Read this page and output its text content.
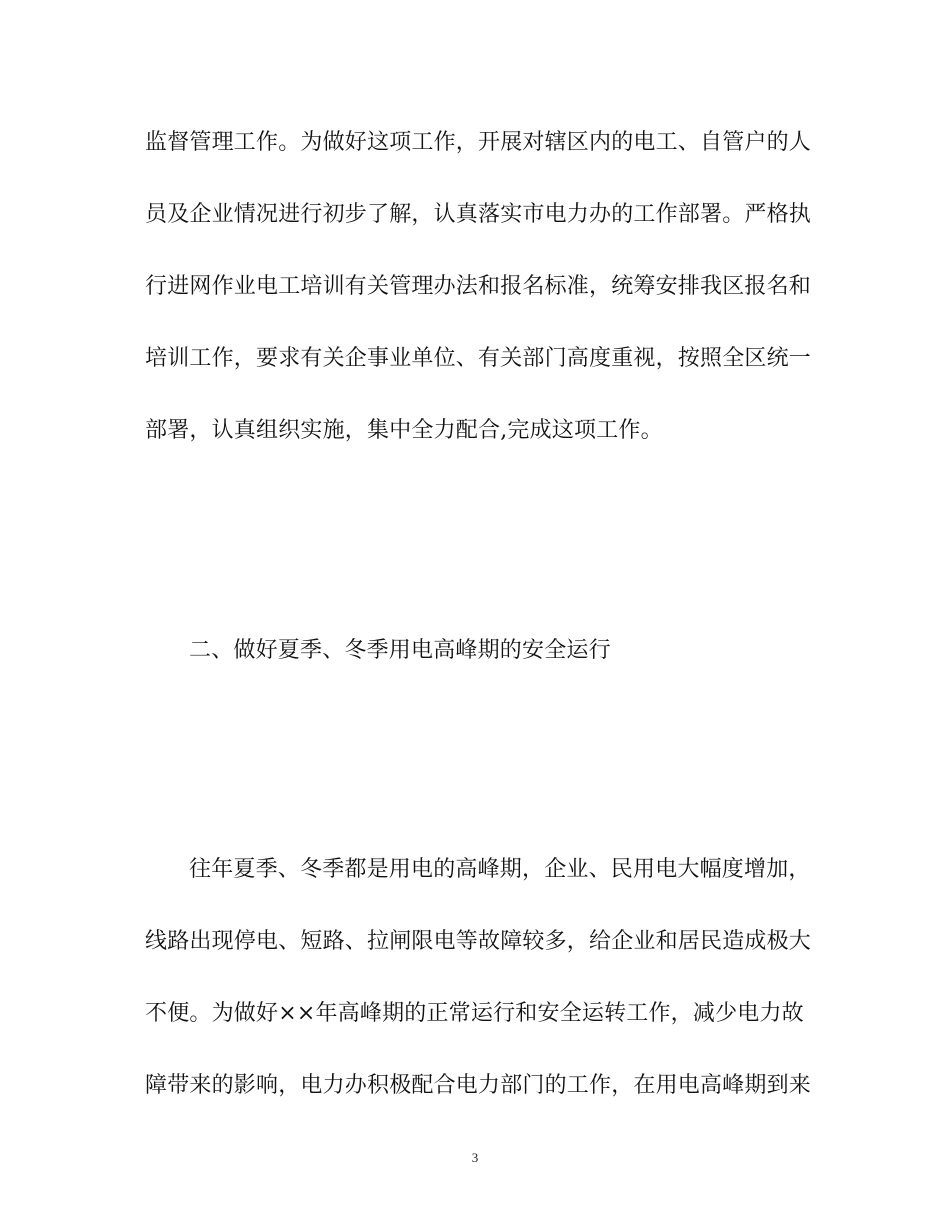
监督管理工作。为做好这项工作，开展对辖区内的电工、自管户的人
员及企业情况进行初步了解，认真落实市电力办的工作部署。严格执
行进网作业电工培训有关管理办法和报名标准，统筹安排我区报名和
培训工作，要求有关企事业单位、有关部门高度重视，按照全区统一
部署，认真组织实施，集中全力配合,完成这项工作。
二、做好夏季、冬季用电高峰期的安全运行
往年夏季、冬季都是用电的高峰期，企业、民用电大幅度增加，
线路出现停电、短路、拉闸限电等故障较多，给企业和居民造成极大
不便。为做好××年高峰期的正常运行和安全运转工作，减少电力故
障带来的影响，电力办积极配合电力部门的工作，在用电高峰期到来
3
